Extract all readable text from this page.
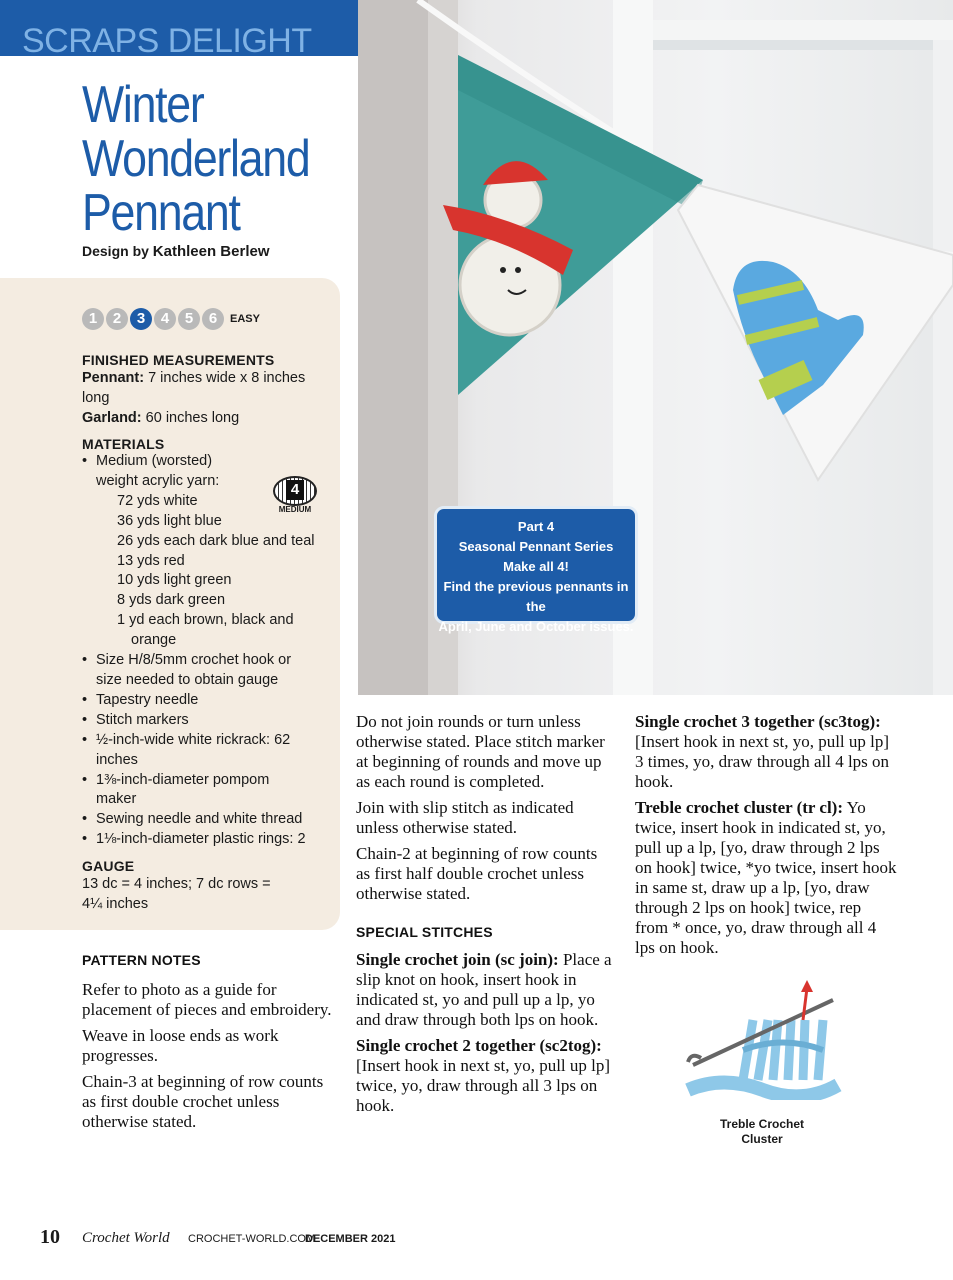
SCRAPS DELIGHT
Winter
Wonderland
Pennant
Design by Kathleen Berlew
1	2	3	4	5	6	EASY
FINISHED MEASUREMENTS
Pennant: 7 inches wide x 8 inches long
Garland: 60 inches long
MATERIALS
• Medium (worsted)
weight acrylic yarn:
72 yds white
36 yds light blue
26 yds each dark blue and teal
13 yds red
10 yds light green
8 yds dark green
1 yd each brown, black and
orange
• Size H/8/5mm crochet hook or
size needed to obtain gauge
• Tapestry needle
• Stitch markers
• ½-inch-wide white rickrack: 62
inches
• 1⅜-inch-diameter pompom
maker
• Sewing needle and white thread
• 1⅛-inch-diameter plastic rings: 2
4
MEDIUM
GAUGE
13 dc = 4 inches; 7 dc rows =
4¼ inches
Part 4
Seasonal Pennant Series
Make all 4!
Find the previous pennants in the
April, June and October issues.
PATTERN NOTES

Refer to photo as a guide for placement of pieces and embroidery.

Weave in loose ends as work progresses.

Chain-3 at beginning of row counts as first double crochet unless otherwise stated.

Do not join rounds or turn unless otherwise stated. Place stitch marker at beginning of rounds and move up as each round is completed.

Join with slip stitch as indicated unless otherwise stated.

Chain-2 at beginning of row counts as first half double crochet unless otherwise stated.

SPECIAL STITCHES

Single crochet join (sc join): Place a slip knot on hook, insert hook in indicated st, yo and pull up a lp, yo and draw through both lps on hook.

Single crochet 2 together (sc2tog): [Insert hook in next st, yo, pull up lp] twice, yo, draw through all 3 lps on hook.

Single crochet 3 together (sc3tog): [Insert hook in next st, yo, pull up lp] 3 times, yo, draw through all 4 lps on hook.

Treble crochet cluster (tr cl): Yo twice, insert hook in indicated st, yo, pull up a lp, [yo, draw through 2 lps on hook] twice, *yo twice, insert hook in same st, draw up a lp, [yo, draw through 2 lps on hook] twice, rep from * once, yo, draw through all 4 lps on hook.

Treble Crochet
Cluster
10 Crochet World CROCHET-WORLD.COM
DECEMBER 2021
